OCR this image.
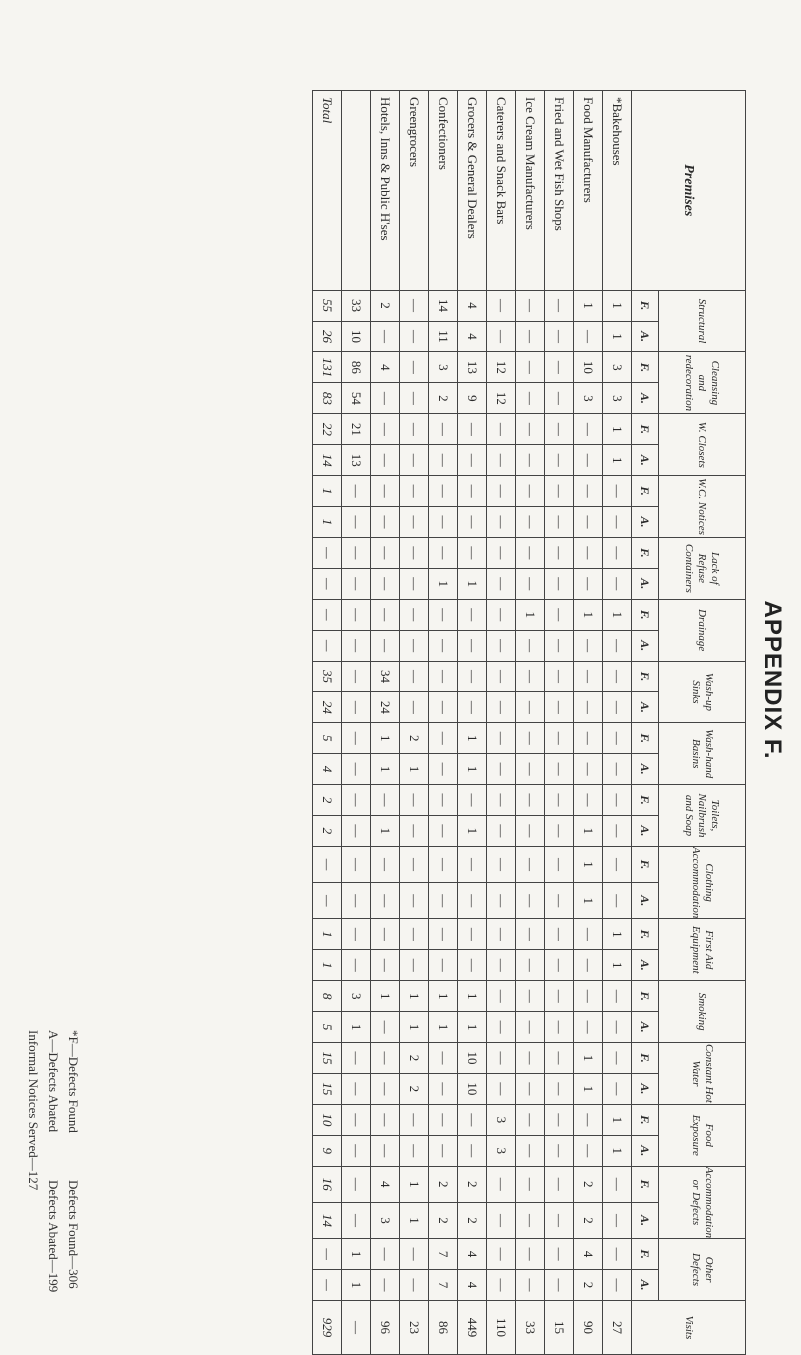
APPENDIX F.
Premises	Structural		Cleansing and redecoration		W. Closets		W.C. Notices		Lack of Refuse Containers		Drainage		Wash-up Sinks		Wash-hand Basins		Toilets, Nailbrush and Soap		Clothing Accommodation		First Aid Equipment		Smoking		Constant Hot Water		Food Exposure		Accommodation or Defects		Other Defects		Visits
	F.	A.	F.	A.	F.	A.	F.	A.	F.	A.	F.	A.	F.	A.	F.	A.	F.	A.	F.	A.	F.	A.	F.	A.	F.	A.	F.	A.	F.	A.	F.	A.	
*Bakehouses	1	1	3	3	1	1	—	—	—	—	1	—	—	—	—	—	—	—	—	—	1	1	—	—	—	—	1	1	—	—	—	—	27
Food Manufacturers	1	—	10	3	—	—	—	—	—	—	1	—	—	—	—	—	—	1	1	1	—	—	—	—	1	1	—	—	2	2	4	2	90
Fried and Wet Fish Shops	—	—	—	—	—	—	—	—	—	—	—	—	—	—	—	—	—	—	—	—	—	—	—	—	—	—	—	—	—	—	—	—	15
Ice Cream Manufacturers	—	—	—	—	—	—	—	—	—	—	1	—	—	—	—	—	—	—	—	—	—	—	—	—	—	—	—	—	—	—	—	—	33
Caterers and Snack Bars	—	—	12	12	—	—	—	—	—	—	—	—	—	—	—	—	—	—	—	—	—	—	—	—	—	—	3	3	—	—	—	—	110
Grocers & General Dealers	4	4	13	9	—	—	—	—	—	1	—	—	—	—	1	1	—	1	—	—	—	—	1	1	10	10	—	—	2	2	4	4	449
Confectioners	14	11	3	2	—	—	—	—	—	1	—	—	—	—	—	—	—	—	—	—	—	—	1	1	—	—	—	—	2	2	7	7	86
Greengrocers	—	—	—	—	—	—	—	—	—	—	—	—	—	—	2	1	—	—	—	—	—	—	1	1	2	2	—	—	1	1	—	—	23
Hotels, Inns & Public H'ses	2	—	4	—	—	—	—	—	—	—	—	—	34	24	1	1	—	1	—	—	—	—	1	—	—	—	—	—	4	3	—	—	96
	33	10	86	54	21	13	—	—	—	—	—	—	—	—	—	—	—	—	—	—	—	—	3	1	—	—	—	—	—	—	1	1	—
Total	55	26	131	83	22	14	1	1	—	—	—	—	35	24	5	4	2	2	—	—	1	1	8	5	15	15	10	9	16	14	—	—	929
*F—Defects Found
A—Defects Abated
Informal Notices Served—127
Defects Found—306
Defects Abated—199
